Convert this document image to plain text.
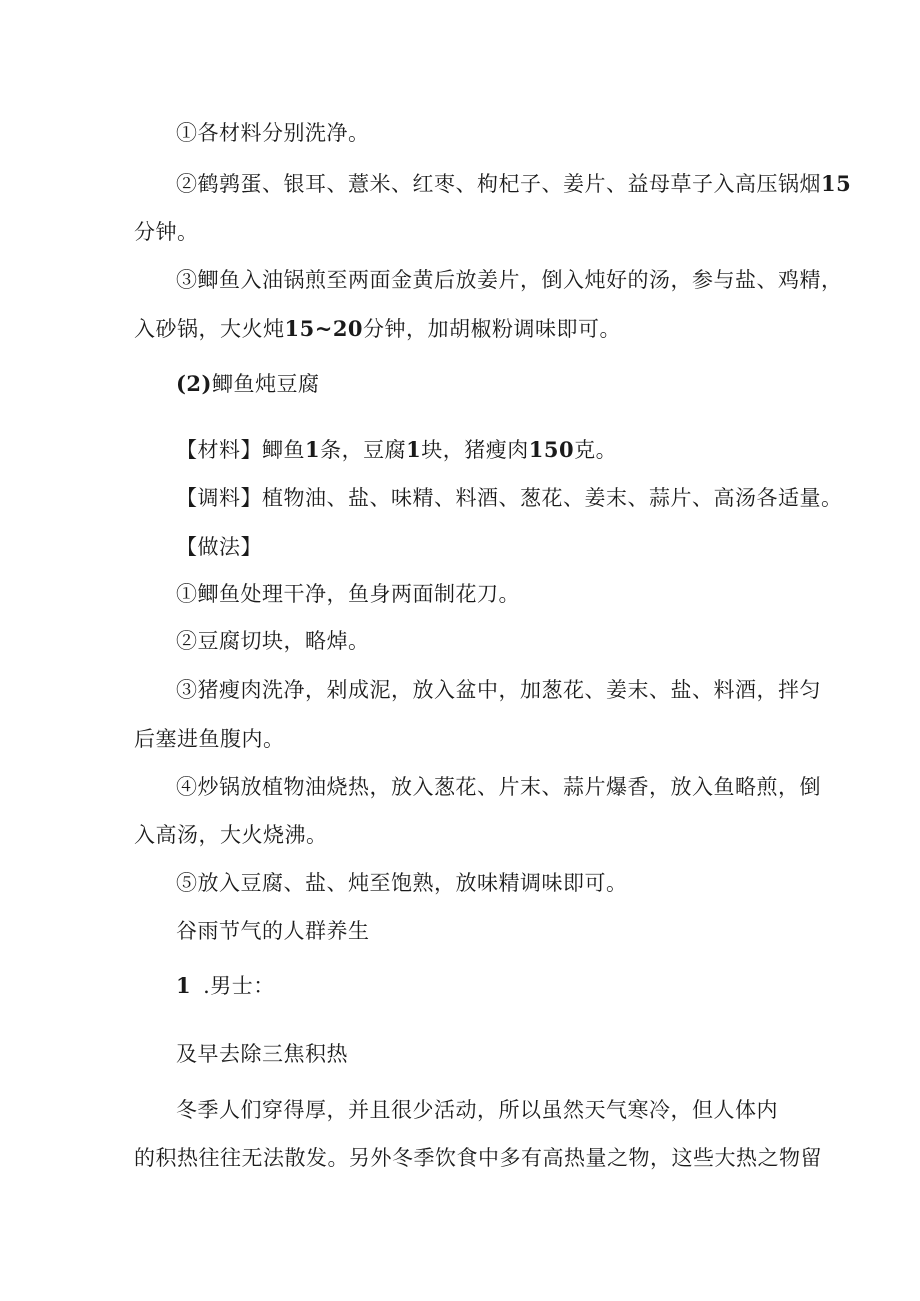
①各材料分别洗净。
②鹤鹑蛋、银耳、薏米、红枣、枸杞子、姜片、益母草子入高压锅烟15
分钟。
③鲫鱼入油锅煎至两面金黄后放姜片，倒入炖好的汤，参与盐、鸡精，
入砂锅，大火炖15~20分钟，加胡椒粉调味即可。
(2)鲫鱼炖豆腐
【材料】鲫鱼1条，豆腐1块，猪瘦肉150克。
【调料】植物油、盐、味精、料酒、葱花、姜末、蒜片、高汤各适量。
【做法】
①鲫鱼处理干净，鱼身两面制花刀。
②豆腐切块，略焯。
③猪瘦肉洗净，剁成泥，放入盆中，加葱花、姜末、盐、料酒，拌匀
后塞进鱼腹内。
④炒锅放植物油烧热，放入葱花、片末、蒜片爆香，放入鱼略煎，倒
入高汤，大火烧沸。
⑤放入豆腐、盐、炖至饱熟，放味精调味即可。
谷雨节气的人群养生
1 .男士：
及早去除三焦积热
冬季人们穿得厚，并且很少活动，所以虽然天气寒冷，但人体内
的积热往往无法散发。另外冬季饮食中多有高热量之物，这些大热之物留
